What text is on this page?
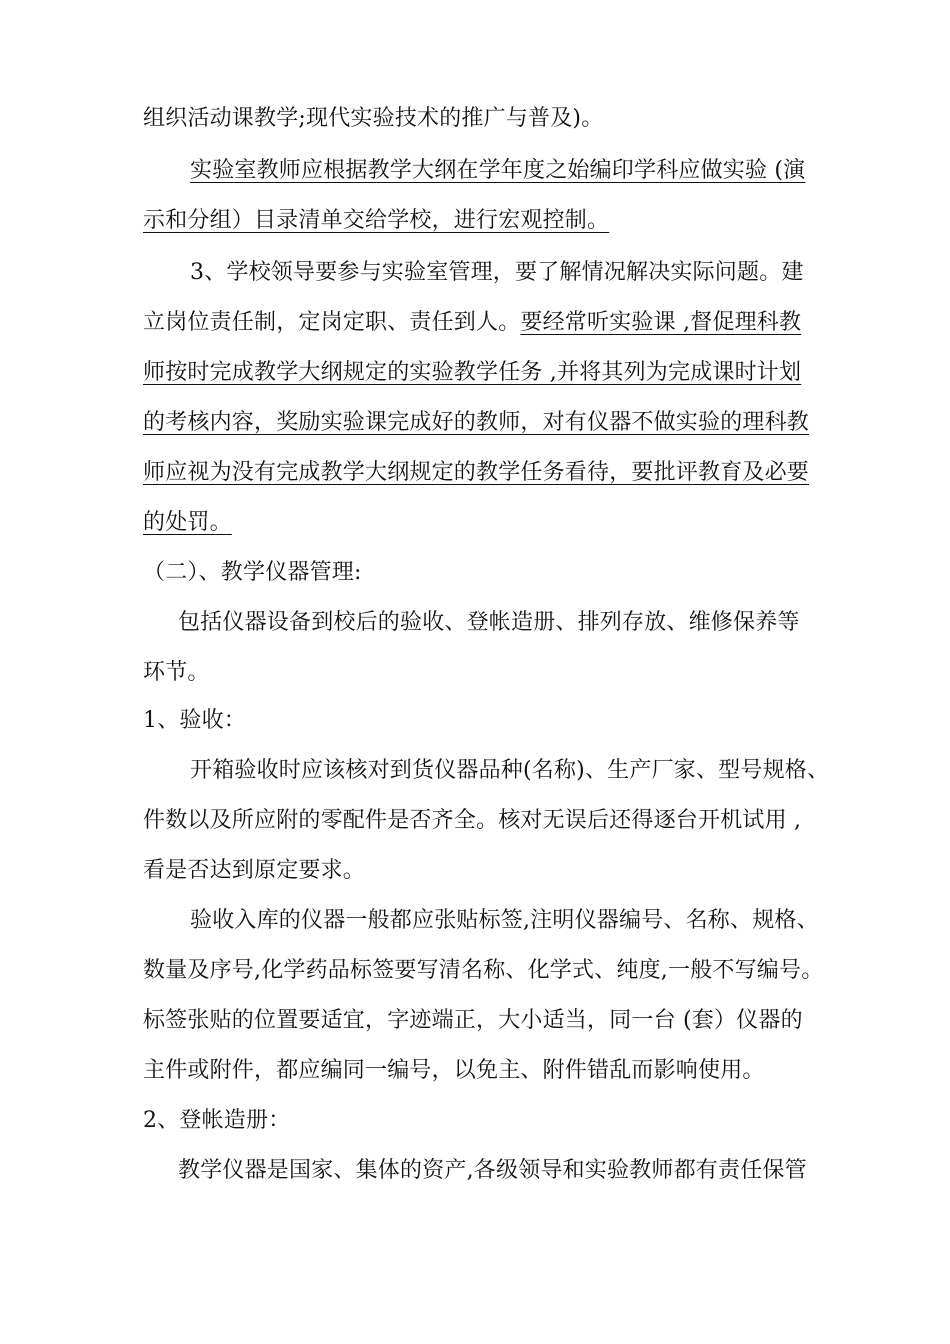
组织活动课教学;现代实验技术的推广与普及)。
实验室教师应根据教学大纲在学年度之始编印学科应做实验 (演
示和分组）目录清单交给学校，进行宏观控制。
3、学校领导要参与实验室管理，要了解情况解决实际问题。建
立岗位责任制，定岗定职、责任到人。要经常听实验课 ,督促理科教
师按时完成教学大纲规定的实验教学任务 ,并将其列为完成课时计划
的考核内容，奖励实验课完成好的教师，对有仪器不做实验的理科教
师应视为没有完成教学大纲规定的教学任务看待，要批评教育及必要
的处罚。
（二）、教学仪器管理:
包括仪器设备到校后的验收、登帐造册、排列存放、维修保养等
环节。
1、验收：
开箱验收时应该核对到货仪器品种(名称)、生产厂家、型号规格、
件数以及所应附的零配件是否齐全。核对无误后还得逐台开机试用 ,
看是否达到原定要求。
验收入库的仪器一般都应张贴标签,注明仪器编号、名称、规格、
数量及序号,化学药品标签要写清名称、化学式、纯度,一般不写编号。
标签张贴的位置要适宜，字迹端正，大小适当，同一台 (套）仪器的
主件或附件，都应编同一编号，以免主、附件错乱而影响使用。
2、登帐造册：
教学仪器是国家、集体的资产,各级领导和实验教师都有责任保管
